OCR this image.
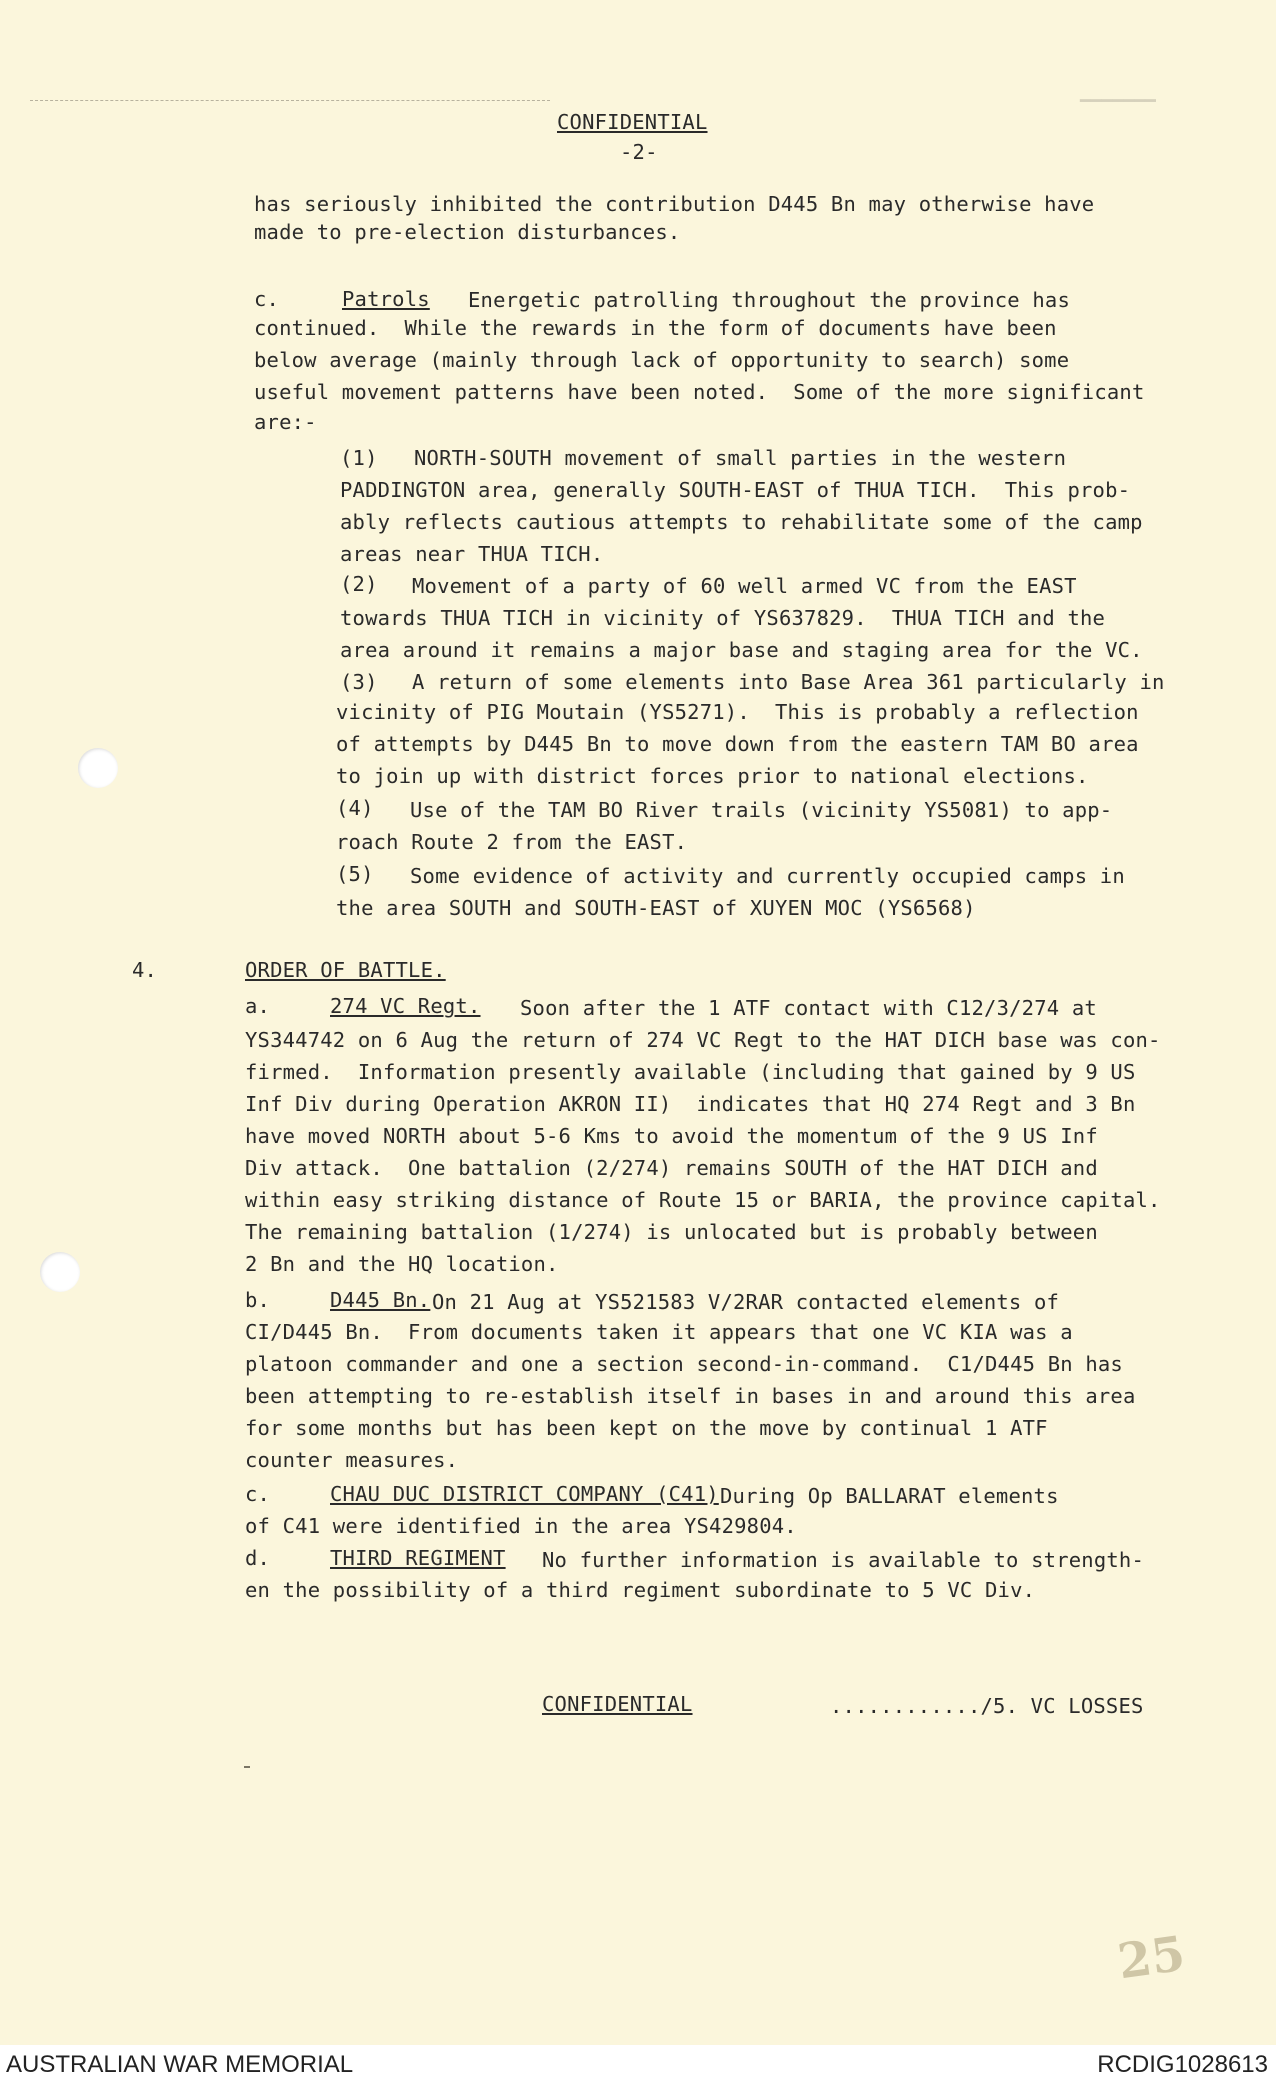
▔▔▔▔▔▔▔
CONFIDENTIAL
-2-
has seriously inhibited the contribution D445 Bn may otherwise have
made to pre-election disturbances.
c.	Patrols Energetic patrolling throughout the province has
continued.  While the rewards in the form of documents have been
below average (mainly through lack of opportunity to search) some
useful movement patterns have been noted.  Some of the more significant
are:-
(1) NORTH-SOUTH movement of small parties in the western
PADDINGTON area, generally SOUTH-EAST of THUA TICH.  This prob-
ably reflects cautious attempts to rehabilitate some of the camp
areas near THUA TICH.
(2) Movement of a party of 60 well armed VC from the EAST
towards THUA TICH in vicinity of YS637829.  THUA TICH and the
area around it remains a major base and staging area for the VC.
(3) A return of some elements into Base Area 361 particularly in
vicinity of PIG Moutain (YS5271).  This is probably a reflection
of attempts by D445 Bn to move down from the eastern TAM BO area
to join up with district forces prior to national elections.
(4) Use of the TAM BO River trails (vicinity YS5081) to app-
roach Route 2 from the EAST.
(5) Some evidence of activity and currently occupied camps in
the area SOUTH and SOUTH-EAST of XUYEN MOC (YS6568)
4.	ORDER OF BATTLE.
a.	274 VC Regt. Soon after the 1 ATF contact with C12/3/274 at
YS344742 on 6 Aug the return of 274 VC Regt to the HAT DICH base was con-
firmed.  Information presently available (including that gained by 9 US
Inf Div during Operation AKRON II)  indicates that HQ 274 Regt and 3 Bn
have moved NORTH about 5-6 Kms to avoid the momentum of the 9 US Inf
Div attack.  One battalion (2/274) remains SOUTH of the HAT DICH and
within easy striking distance of Route 15 or BARIA, the province capital.
The remaining battalion (1/274) is unlocated but is probably between
2 Bn and the HQ location.
b.	D445 Bn. On 21 Aug at YS521583 V/2RAR contacted elements of
CI/D445 Bn.  From documents taken it appears that one VC KIA was a
platoon commander and one a section second-in-command.  C1/D445 Bn has
been attempting to re-establish itself in bases in and around this area
for some months but has been kept on the move by continual 1 ATF
counter measures.
c.	CHAU DUC DISTRICT COMPANY (C41) During Op BALLARAT elements
of C41 were identified in the area YS429804.
d.	THIRD REGIMENT No further information is available to strength-
en the possibility of a third regiment subordinate to 5 VC Div.
CONFIDENTIAL	............/5. VC LOSSES
25
AUSTRALIAN WAR MEMORIAL	RCDIG1028613
